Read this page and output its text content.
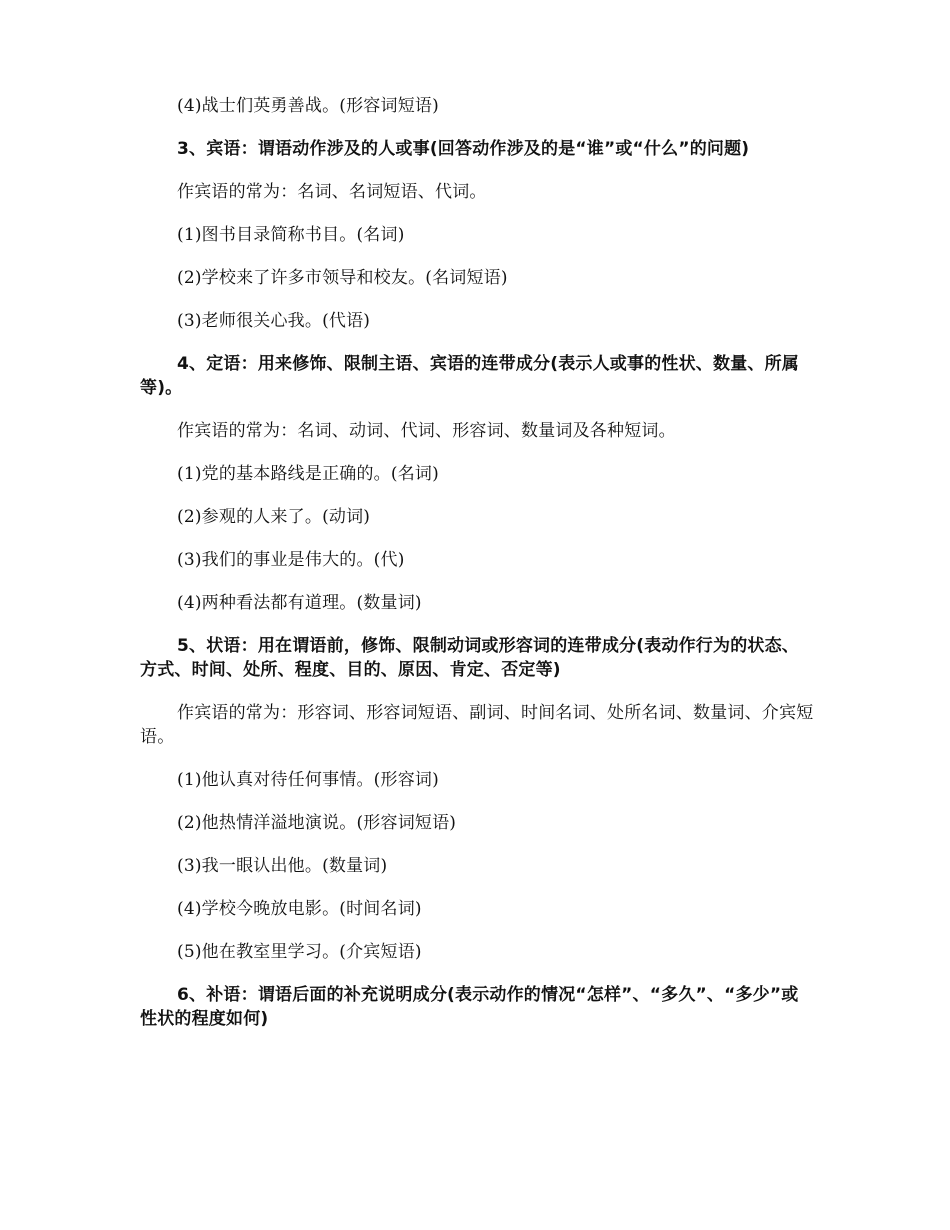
(4)战士们英勇善战。(形容词短语)

3、宾语：谓语动作涉及的人或事(回答动作涉及的是“谁”或“什么”的问题)

作宾语的常为：名词、名词短语、代词。

(1)图书目录简称书目。(名词)

(2)学校来了许多市领导和校友。(名词短语)

(3)老师很关心我。(代语)

4、定语：用来修饰、限制主语、宾语的连带成分(表示人或事的性状、数量、所属等)。

作宾语的常为：名词、动词、代词、形容词、数量词及各种短词。

(1)党的基本路线是正确的。(名词)

(2)参观的人来了。(动词)

(3)我们的事业是伟大的。(代)

(4)两种看法都有道理。(数量词)

5、状语：用在谓语前，修饰、限制动词或形容词的连带成分(表动作行为的状态、方式、时间、处所、程度、目的、原因、肯定、否定等)

作宾语的常为：形容词、形容词短语、副词、时间名词、处所名词、数量词、介宾短语。

(1)他认真对待任何事情。(形容词)

(2)他热情洋溢地演说。(形容词短语)

(3)我一眼认出他。(数量词)

(4)学校今晚放电影。(时间名词)

(5)他在教室里学习。(介宾短语)

6、补语：谓语后面的补充说明成分(表示动作的情况“怎样”、“多久”、“多少”或性状的程度如何)
